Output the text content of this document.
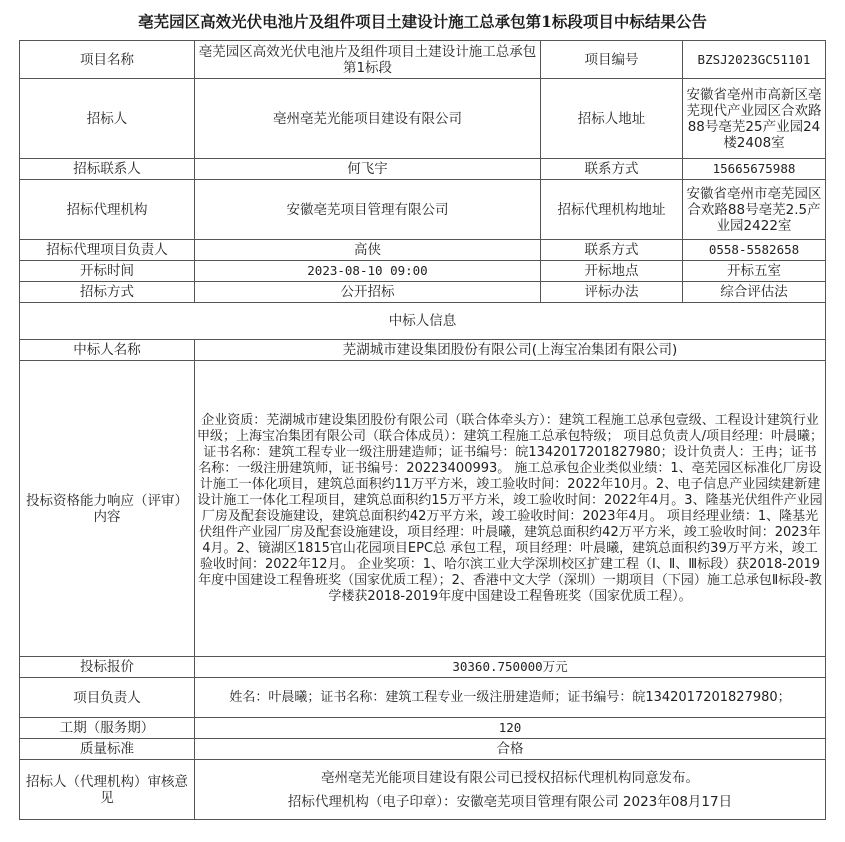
亳芜园区高效光伏电池片及组件项目土建设计施工总承包第1标段项目中标结果公告
项目名称	亳芜园区高效光伏电池片及组件项目土建设计施工总承包第1标段	项目编号	BZSJ2023GC51101
招标人	亳州亳芜光能项目建设有限公司	招标人地址	安徽省亳州市高新区亳芜现代产业园区合欢路88号亳芜25产业园24楼2408室
招标联系人	何飞宇	联系方式	15665675988
招标代理机构	安徽亳芜项目管理有限公司	招标代理机构地址	安徽省亳州市亳芜园区合欢路88号亳芜2.5产业园2422室
招标代理项目负责人	高侠	联系方式	0558-5582658
开标时间	2023-08-10 09:00	开标地点	开标五室
招标方式	公开招标	评标办法	综合评估法
中标人信息			
中标人名称	芜湖城市建设集团股份有限公司(上海宝冶集团有限公司)		
投标资格能力响应（评审）内容	企业资质：芜湖城市建设集团股份有限公司（联合体牵头方）：建筑工程施工总承包壹级、工程设计建筑行业甲级；上海宝冶集团有限公司（联合体成员）：建筑工程施工总承包特级； 项目总负责人/项目经理：叶晨曦；证书名称：建筑工程专业一级注册建造师；证书编号：皖1342017201827980；设计负责人：王冉；证书名称：一级注册建筑师，证书编号：20223400993。 施工总承包企业类似业绩：1、亳芜园区标准化厂房设计施工一体化项目，建筑总面积约11万平方米，竣工验收时间：2022年10月。2、电子信息产业园续建新建设计施工一体化工程项目，建筑总面积约15万平方米，竣工验收时间：2022年4月。3、隆基光伏组件产业园厂房及配套设施建设，建筑总面积约42万平方米，竣工验收时间：2023年4月。 项目经理业绩：1、隆基光伏组件产业园厂房及配套设施建设，项目经理：叶晨曦，建筑总面积约42万平方米，竣工验收时间：2023年4月。2、镜湖区1815官山花园项目EPC总 承包工程，项目经理：叶晨曦，建筑总面积约39万平方米，竣工验收时间：2022年12月。 企业奖项：1、哈尔滨工业大学深圳校区扩建工程（Ⅰ、Ⅱ、Ⅲ标段）获2018-2019年度中国建设工程鲁班奖（国家优质工程）；2、香港中文大学（深圳）一期项目（下园）施工总承包Ⅱ标段-教学楼获2018-2019年度中国建设工程鲁班奖（国家优质工程）。		
投标报价	30360.750000万元		
项目负责人	姓名：叶晨曦；证书名称：建筑工程专业一级注册建造师；证书编号：皖1342017201827980；		
工期（服务期）	120		
质量标准	合格		
招标人（代理机构）审核意见	亳州亳芜光能项目建设有限公司已授权招标代理机构同意发布。
招标代理机构（电子印章）：安徽亳芜项目管理有限公司 2023年08月17日		
